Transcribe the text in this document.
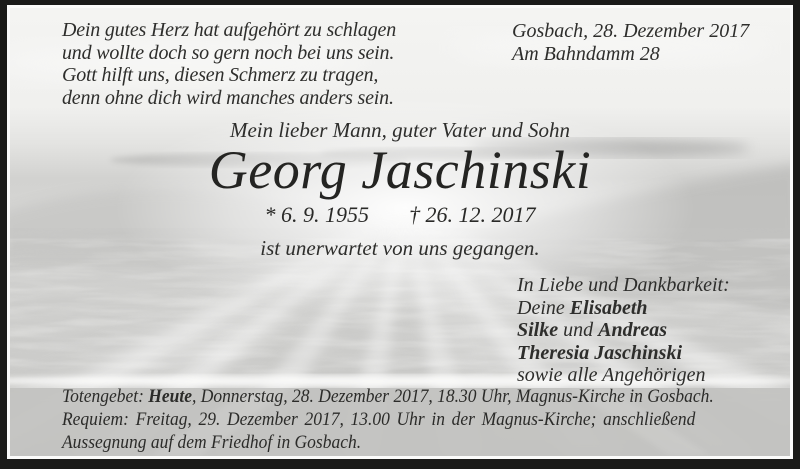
Dein gutes Herz hat aufgehört zu schlagen
und wollte doch so gern noch bei uns sein.
Gott hilft uns, diesen Schmerz zu tragen,
denn ohne dich wird manches anders sein.
Gosbach, 28. Dezember 2017
Am Bahndamm 28
Mein lieber Mann, guter Vater und Sohn
Georg Jaschinski
* 6. 9. 1955 † 26. 12. 2017
ist unerwartet von uns gegangen.
In Liebe und Dankbarkeit:
Deine Elisabeth
Silke und Andreas
Theresia Jaschinski
sowie alle Angehörigen
Totengebet: Heute, Donnerstag, 28. Dezember 2017, 18.30 Uhr, Magnus-Kirche in Gosbach.
Requiem: Freitag, 29. Dezember 2017, 13.00 Uhr in der Magnus-Kirche; anschließend
Aussegnung auf dem Friedhof in Gosbach.
